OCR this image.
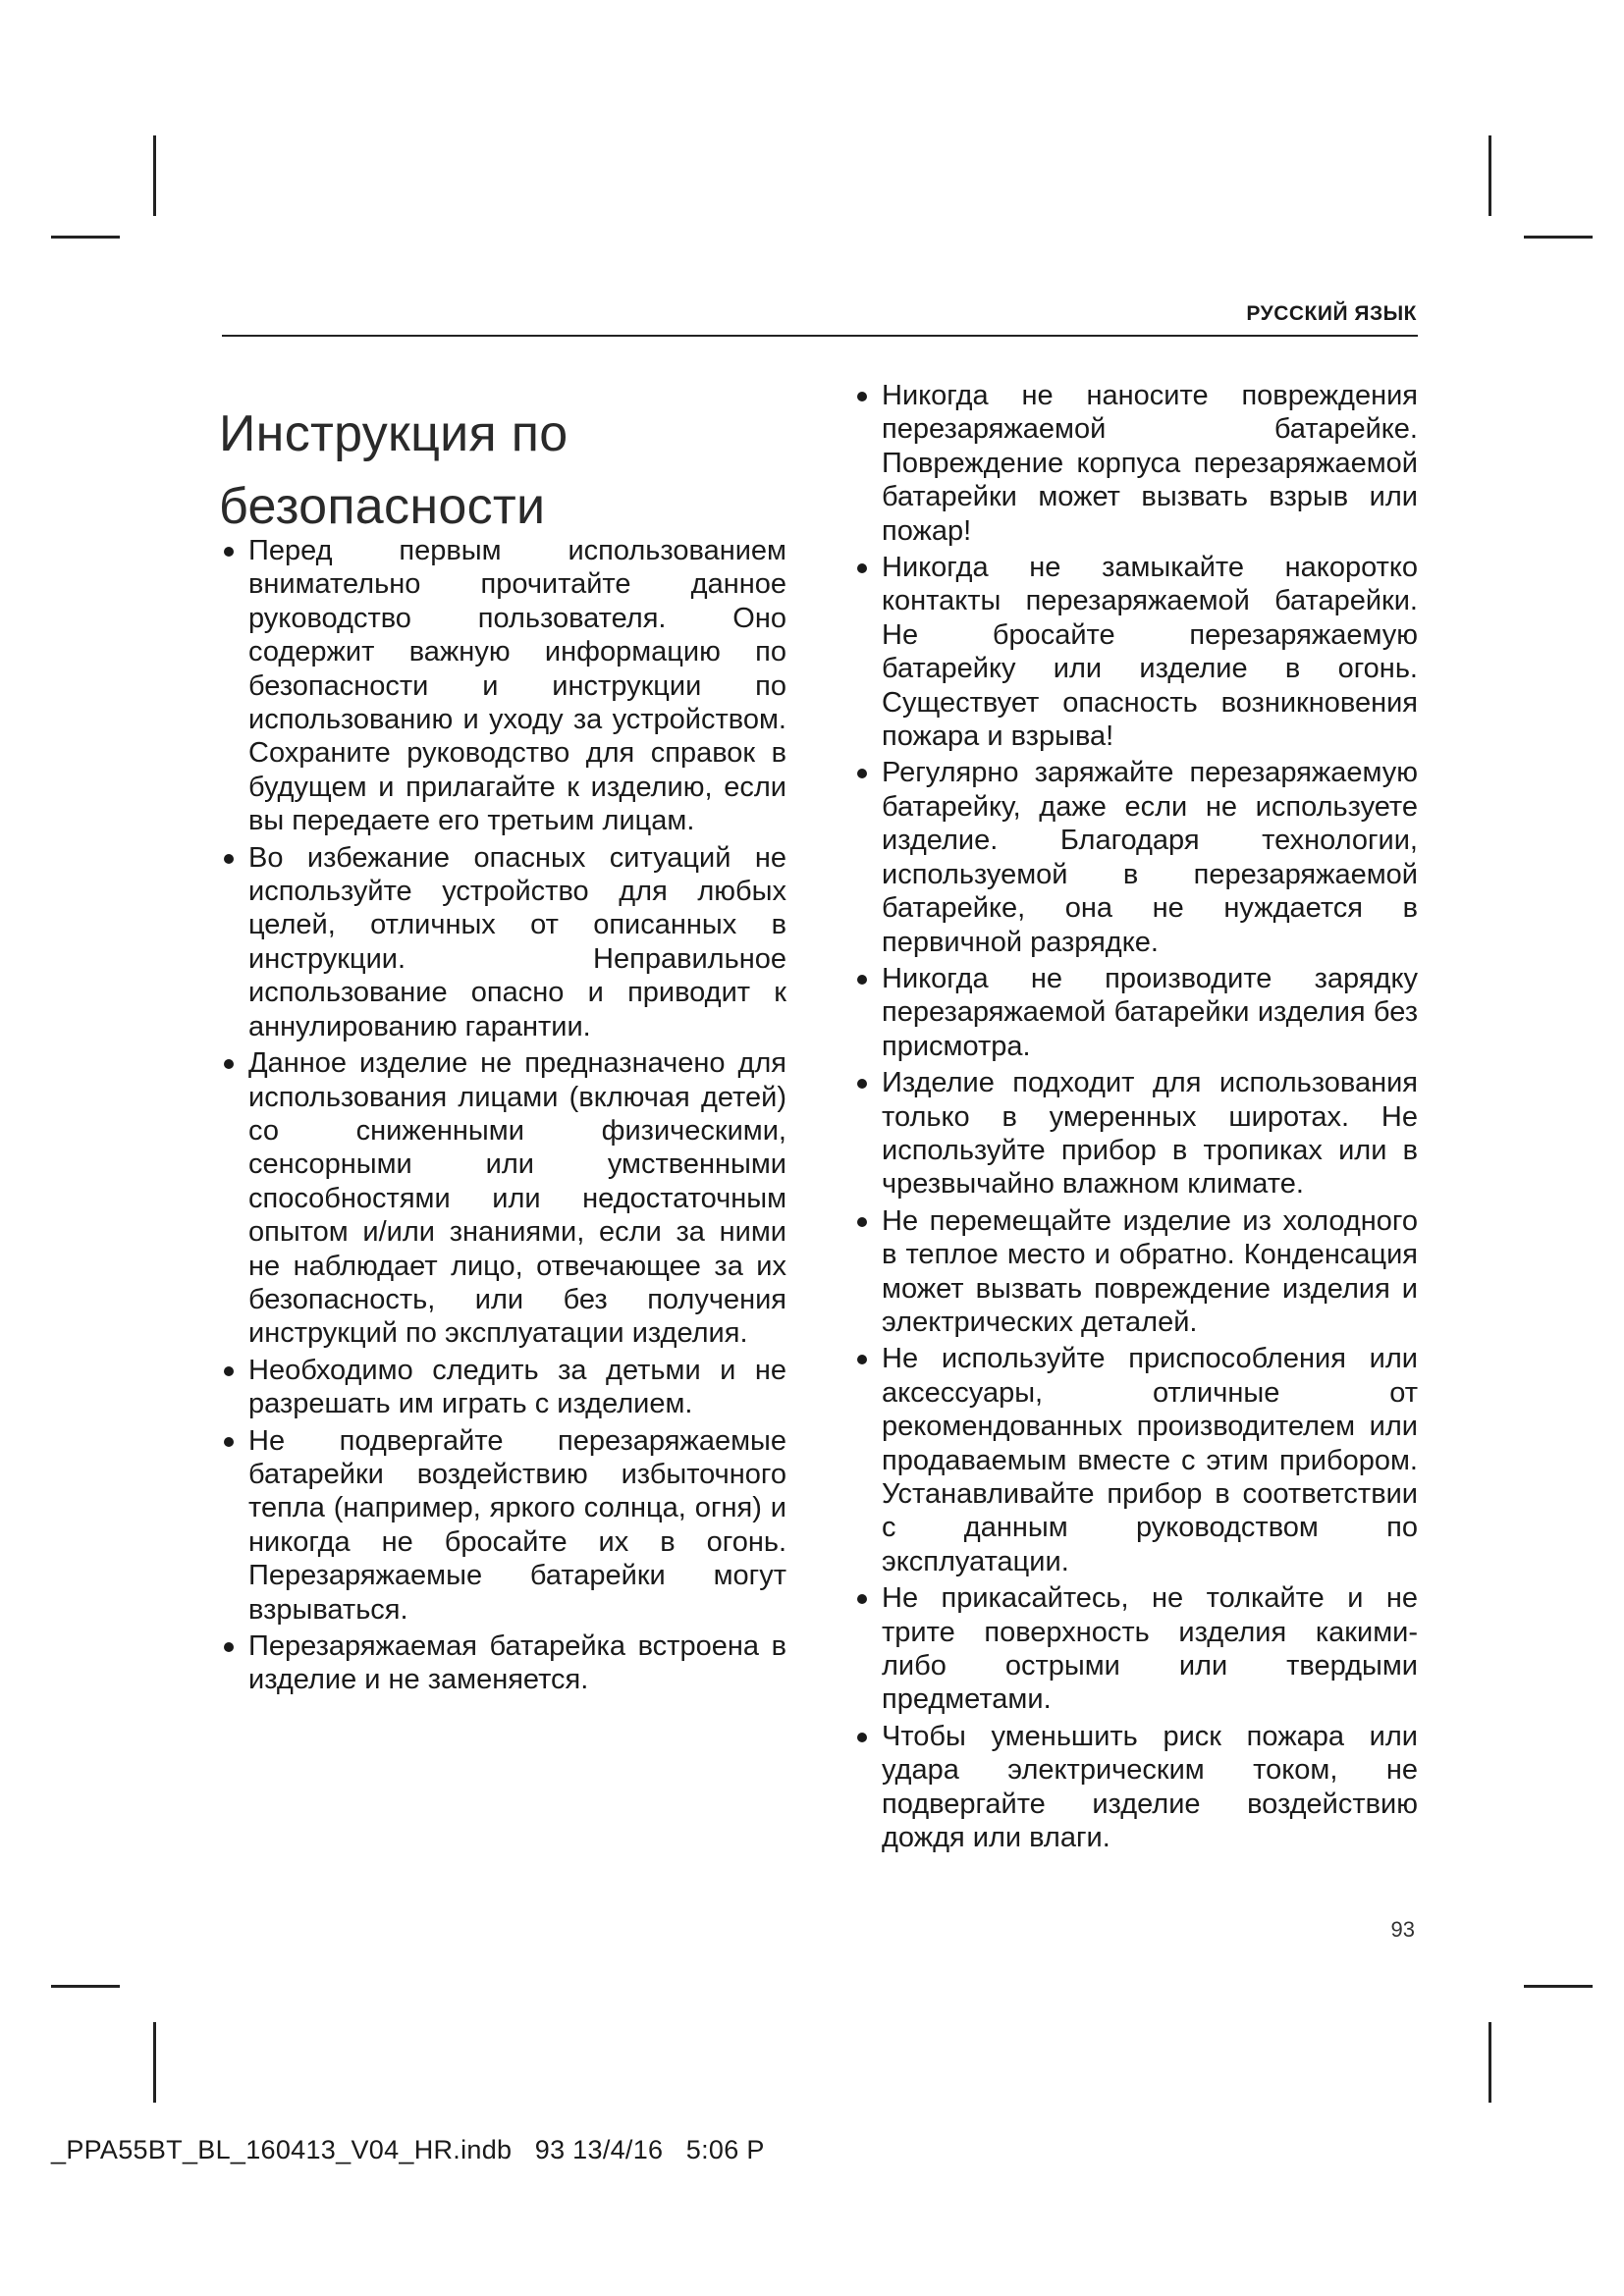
РУССКИЙ ЯЗЫК
Инструкция по безопасности
Перед первым использованием внимательно прочитайте данное руководство пользователя. Оно содержит важную информацию по безопасности и инструкции по использованию и уходу за устройством. Сохраните руководство для справок в будущем и прилагайте к изделию, если вы передаете его третьим лицам.
Во избежание опасных ситуаций не используйте устройство для любых целей, отличных от описанных в инструкции. Неправильное использование опасно и приводит к аннулированию гарантии.
Данное изделие не предназначено для использования лицами (включая детей) со сниженными физическими, сенсорными или умственными способностями или недостаточным опытом и/или знаниями, если за ними не наблюдает лицо, отвечающее за их безопасность, или без получения инструкций по эксплуатации изделия.
Необходимо следить за детьми и не разрешать им играть с изделием.
Не подвергайте перезаряжаемые батарейки воздействию избыточного тепла (например, яркого солнца, огня) и никогда не бросайте их в огонь. Перезаряжаемые батарейки могут взрываться.
Перезаряжаемая батарейка встроена в изделие и не заменяется.
Никогда не наносите повреждения перезаряжаемой батарейке. Повреждение корпуса перезаряжаемой батарейки может вызвать взрыв или пожар!
Никогда не замыкайте накоротко контакты перезаряжаемой батарейки. Не бросайте перезаряжаемую батарейку или изделие в огонь. Существует опасность возникновения пожара и взрыва!
Регулярно заряжайте перезаряжаемую батарейку, даже если не используете изделие. Благодаря технологии, используемой в перезаряжаемой батарейке, она не нуждается в первичной разрядке.
Никогда не производите зарядку перезаряжаемой батарейки изделия без присмотра.
Изделие подходит для использования только в умеренных широтах. Не используйте прибор в тропиках или в чрезвычайно влажном климате.
Не перемещайте изделие из холодного в теплое место и обратно. Конденсация может вызвать повреждение изделия и электрических деталей.
Не используйте приспособления или аксессуары, отличные от рекомендованных производителем или продаваемым вместе с этим прибором. Устанавливайте прибор в соответствии с данным руководством по эксплуатации.
Не прикасайтесь, не толкайте и не трите поверхность изделия какими-либо острыми или твердыми предметами.
Чтобы уменьшить риск пожара или удара электрическим током, не подвергайте изделие воздействию дождя или влаги.
93
_PPA55BT_BL_160413_V04_HR.indb   93 13/4/16   5:06 P
